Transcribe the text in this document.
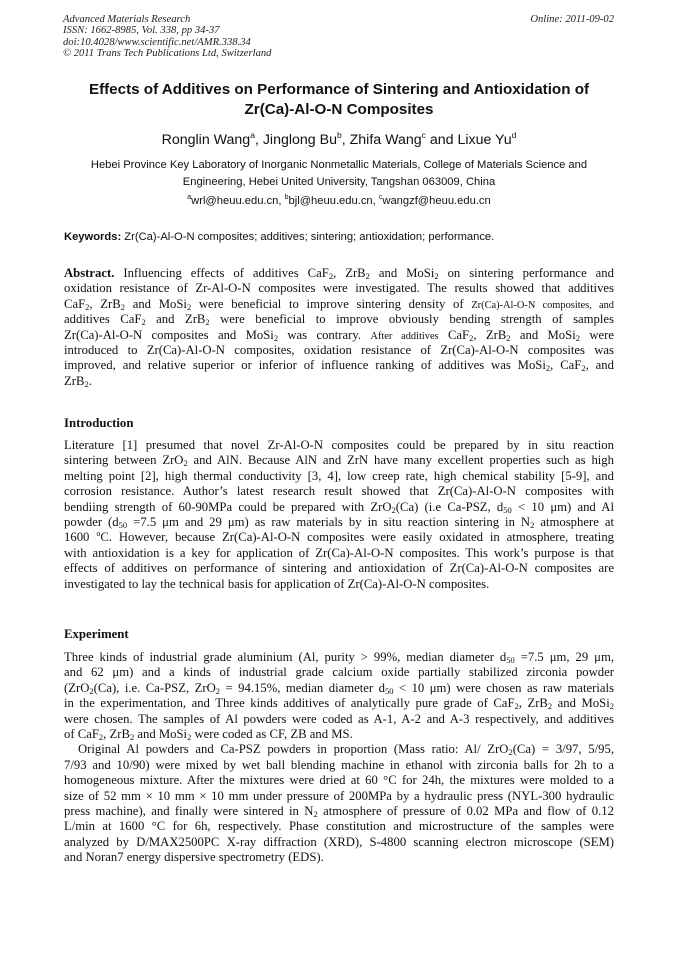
Advanced Materials Research
ISSN: 1662-8985, Vol. 338, pp 34-37
doi:10.4028/www.scientific.net/AMR.338.34
© 2011 Trans Tech Publications Ltd, Switzerland
Online: 2011-09-02
Effects of Additives on Performance of Sintering and Antioxidation of
Zr(Ca)-Al-O-N Composites
Ronglin Wang$^a$, Jinglong Bu$^b$, Zhifa Wang$^c$ and Lixue Yu$^d$
Hebei Province Key Laboratory of Inorganic Nonmetallic Materials, College of Materials Science and
Engineering, Hebei United University, Tangshan 063009, China
$^a$wrl@heuu.edu.cn, $^b$bjl@heuu.edu.cn, $^c$wangzf@heuu.edu.cn
Keywords: Zr(Ca)-Al-O-N composites; additives; sintering; antioxidation; performance.
Abstract. Influencing effects of additives CaF$_2$, ZrB$_2$ and MoSi$_2$ on sintering performance and
oxidation resistance of Zr-Al-O-N composites were investigated. The results showed that additives
CaF$_2$, ZrB$_2$ and MoSi$_2$ were beneficial to improve sintering density of Zr(Ca)-Al-O-N composites, and
additives CaF$_2$ and ZrB$_2$ were beneficial to improve obviously bending strength of samples
Zr(Ca)-Al-O-N composites and MoSi$_2$ was contrary. After additives CaF$_2$, ZrB$_2$ and MoSi$_2$ were
introduced to Zr(Ca)-Al-O-N composites, oxidation resistance of Zr(Ca)-Al-O-N composites was
improved, and relative superior or inferior of influence ranking of additives was MoSi$_2$, CaF$_2$, and
ZrB$_2$.
Introduction
Literature [1] presumed that novel Zr-Al-O-N composites could be prepared by in situ reaction
sintering between ZrO$_2$ and AlN. Because AlN and ZrN have many excellent properties such as high
melting point [2], high thermal conductivity [3, 4], low creep rate, high chemical stability [5-9], and
corrosion resistance. Author’s latest research result showed that Zr(Ca)-Al-O-N composites with
bendiing strength of 60-90MPa could be prepared with ZrO$_2$(Ca) (i.e Ca-PSZ, $d_{50} < 10$ μm) and Al
powder ($d_{50} =7.5$ μm and 29 μm) as raw materials by in situ reaction sintering in $N_2$ atmosphere at
1600 $^o$C. However, because Zr(Ca)-Al-O-N composites were easily oxidated in atmosphere, treating
with antioxidation is a key for application of Zr(Ca)-Al-O-N composites. This work’s purpose is that
effects of additives on performance of sintering and antioxidation of Zr(Ca)-Al-O-N composites are
investigated to lay the technical basis for application of Zr(Ca)-Al-O-N composites.
Experiment
Three kinds of industrial grade aluminium (Al, purity > 99%, median diameter $d_{50} =7.5$ μm, 29 μm,
and 62 μm) and a kinds of industrial grade calcium oxide partially stabilized zirconia powder
(ZrO$_2$(Ca), i.e. Ca-PSZ, ZrO$_2$ = 94.15%, median diameter $d_{50} < 10$ μm) were chosen as raw materials
in the experimentation, and Three kinds additives of analytically pure grade of CaF$_2$, ZrB$_2$ and MoSi$_2$
were chosen. The samples of Al powders were coded as A-1, A-2 and A-3 respectively, and additives
of CaF$_2$, ZrB$_2$ and MoSi$_2$ were coded as CF, ZB and MS.
Original Al powders and Ca-PSZ powders in proportion (Mass ratio: Al/ ZrO$_2$(Ca) = 3/97, 5/95,
7/93 and 10/90) were mixed by wet ball blending machine in ethanol with zirconia balls for 2h to a
homogeneous mixture. After the mixtures were dried at 60 °C for 24h, the mixtures were molded to a
size of 52 mm × 10 mm × 10 mm under pressure of 200MPa by a hydraulic press (NYL-300 hydraulic
press machine), and finally were sintered in $N_2$ atmosphere of pressure of 0.02 MPa and flow of 0.12
L/min at 1600 °C for 6h, respectively. Phase constitution and microstructure of the samples were
analyzed by D/MAX2500PC X-ray diffraction (XRD), S-4800 scanning electron microscope (SEM)
and Noran7 energy dispersive spectrometry (EDS).
